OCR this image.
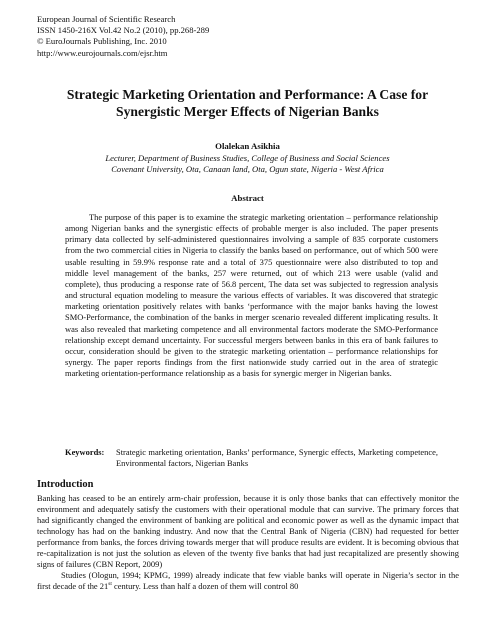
European Journal of Scientific Research
ISSN 1450-216X Vol.42 No.2 (2010), pp.268-289
© EuroJournals Publishing, Inc. 2010
http://www.eurojournals.com/ejsr.htm
Strategic Marketing Orientation and Performance: A Case for Synergistic Merger Effects of Nigerian Banks
Olalekan Asikhia
Lecturer, Department of Business Studies, College of Business and Social Sciences
Covenant University, Ota, Canaan land, Ota, Ogun state, Nigeria - West Africa
Abstract
The purpose of this paper is to examine the strategic marketing orientation – performance relationship among Nigerian banks and the synergistic effects of probable merger is also included. The paper presents primary data collected by self-administered questionnaires involving a sample of 835 corporate customers from the two commercial cities in Nigeria to classify the banks based on performance, out of which 500 were usable resulting in 59.9% response rate and a total of 375 questionnaire were also distributed to top and middle level management of the banks, 257 were returned, out of which 213 were usable (valid and complete), thus producing a response rate of 56.8 percent, The data set was subjected to regression analysis and structural equation modeling to measure the various effects of variables. It was discovered that strategic marketing orientation positively relates with banks ‘performance with the major banks having the lowest SMO-Performance, the combination of the banks in merger scenario revealed different implicating results. It was also revealed that marketing competence and all environmental factors moderate the SMO-Performance relationship except demand uncertainty. For successful mergers between banks in this era of bank failures to occur, consideration should be given to the strategic marketing orientation – performance relationships for synergy. The paper reports findings from the first nationwide study carried out in the area of strategic marketing orientation-performance relationship as a basis for synergic merger in Nigerian banks.
Keywords:	Strategic marketing orientation, Banks’ performance, Synergic effects, Marketing competence, Environmental factors, Nigerian Banks
Introduction

Banking has ceased to be an entirely arm-chair profession, because it is only those banks that can effectively monitor the environment and adequately satisfy the customers with their operational module that can survive. The primary forces that had significantly changed the environment of banking are political and economic power as well as the dynamic impact that technology has had on the banking industry. And now that the Central Bank of Nigeria (CBN) had requested for better performance from banks, the forces driving towards merger that will produce results are evident. It is becoming obvious that re-capitalization is not just the solution as eleven of the twenty five banks that had just recapitalized are presently showing signs of failures (CBN Report, 2009)

Studies (Ologun, 1994; KPMG, 1999) already indicate that few viable banks will operate in Nigeria’s sector in the first decade of the 21st century. Less than half a dozen of them will control 80
